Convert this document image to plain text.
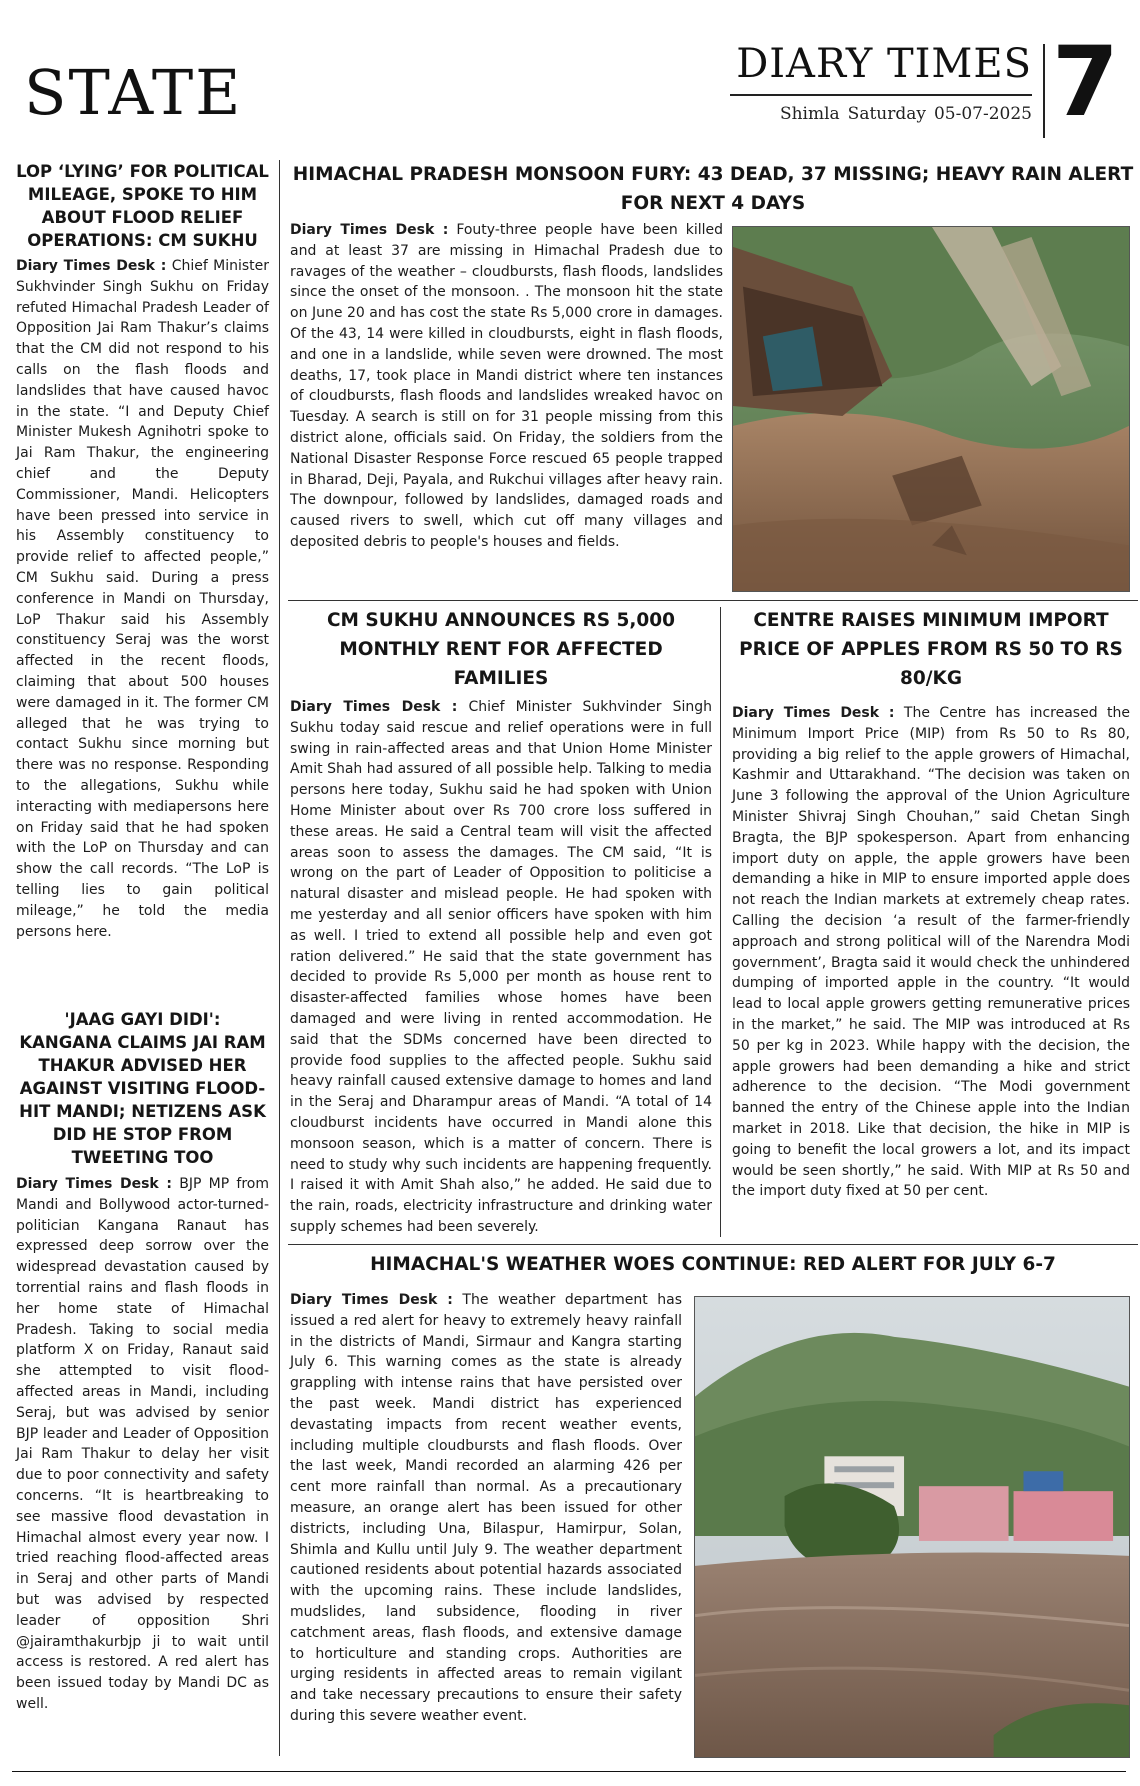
STATE	DIARY TIMES
Shimla Saturday 05-07-2025 7
LOP ‘LYING’ FOR POLITICAL MILEAGE, SPOKE TO HIM ABOUT FLOOD RELIEF OPERATIONS: CM SUKHU
Diary Times Desk : Chief Minister Sukhvinder Singh Sukhu on Friday refuted Himachal Pradesh Leader of Opposition Jai Ram Thakur’s claims that the CM did not respond to his calls on the flash floods and landslides that have caused havoc in the state. “I and Deputy Chief Minister Mukesh Agnihotri spoke to Jai Ram Thakur, the engineering chief and the Deputy Commissioner, Mandi. Helicopters have been pressed into service in his Assembly constituency to provide relief to affected people,” CM Sukhu said. During a press conference in Mandi on Thursday, LoP Thakur said his Assembly constituency Seraj was the worst affected in the recent floods, claiming that about 500 houses were damaged in it. The former CM alleged that he was trying to contact Sukhu since morning but there was no response. Responding to the allegations, Sukhu while interacting with mediapersons here on Friday said that he had spoken with the LoP on Thursday and can show the call records. “The LoP is telling lies to gain political mileage,” he told the media persons here.
'JAAG GAYI DIDI': KANGANA CLAIMS JAI RAM THAKUR ADVISED HER AGAINST VISITING FLOOD-HIT MANDI; NETIZENS ASK DID HE STOP FROM TWEETING TOO
Diary Times Desk : BJP MP from Mandi and Bollywood actor-turned-politician Kangana Ranaut has expressed deep sorrow over the widespread devastation caused by torrential rains and flash floods in her home state of Himachal Pradesh. Taking to social media platform X on Friday, Ranaut said she attempted to visit flood-affected areas in Mandi, including Seraj, but was advised by senior BJP leader and Leader of Opposition Jai Ram Thakur to delay her visit due to poor connectivity and safety concerns. “It is heartbreaking to see massive flood devastation in Himachal almost every year now. I tried reaching flood-affected areas in Seraj and other parts of Mandi but was advised by respected leader of opposition Shri @jairamthakurbjp ji to wait until access is restored. A red alert has been issued today by Mandi DC as well.
HIMACHAL PRADESH MONSOON FURY: 43 DEAD, 37 MISSING; HEAVY RAIN ALERT FOR NEXT 4 DAYS
Diary Times Desk : Fouty-three people have been killed and at least 37 are missing in Himachal Pradesh due to ravages of the weather – cloudbursts, flash floods, landslides since the onset of the monsoon. . The monsoon hit the state on June 20 and has cost the state Rs 5,000 crore in damages. Of the 43, 14 were killed in cloudbursts, eight in flash floods, and one in a landslide, while seven were drowned. The most deaths, 17, took place in Mandi district where ten instances of cloudbursts, flash floods and landslides wreaked havoc on Tuesday. A search is still on for 31 people missing from this district alone, officials said. On Friday, the soldiers from the National Disaster Response Force rescued 65 people trapped in Bharad, Deji, Payala, and Rukchui villages after heavy rain. The downpour, followed by landslides, damaged roads and caused rivers to swell, which cut off many villages and deposited debris to people's houses and fields.
CM SUKHU ANNOUNCES RS 5,000 MONTHLY RENT FOR AFFECTED FAMILIES
Diary Times Desk : Chief Minister Sukhvinder Singh Sukhu today said rescue and relief operations were in full swing in rain-affected areas and that Union Home Minister Amit Shah had assured of all possible help. Talking to media persons here today, Sukhu said he had spoken with Union Home Minister about over Rs 700 crore loss suffered in these areas. He said a Central team will visit the affected areas soon to assess the damages. The CM said, “It is wrong on the part of Leader of Opposition to politicise a natural disaster and mislead people. He had spoken with me yesterday and all senior officers have spoken with him as well. I tried to extend all possible help and even got ration delivered.” He said that the state government has decided to provide Rs 5,000 per month as house rent to disaster-affected families whose homes have been damaged and were living in rented accommodation. He said that the SDMs concerned have been directed to provide food supplies to the affected people. Sukhu said heavy rainfall caused extensive damage to homes and land in the Seraj and Dharampur areas of Mandi. “A total of 14 cloudburst incidents have occurred in Mandi alone this monsoon season, which is a matter of concern. There is need to study why such incidents are happening frequently. I raised it with Amit Shah also,” he added. He said due to the rain, roads, electricity infrastructure and drinking water supply schemes had been severely.
CENTRE RAISES MINIMUM IMPORT PRICE OF APPLES FROM RS 50 TO RS 80/KG
Diary Times Desk : The Centre has increased the Minimum Import Price (MIP) from Rs 50 to Rs 80, providing a big relief to the apple growers of Himachal, Kashmir and Uttarakhand. “The decision was taken on June 3 following the approval of the Union Agriculture Minister Shivraj Singh Chouhan,” said Chetan Singh Bragta, the BJP spokesperson. Apart from enhancing import duty on apple, the apple growers have been demanding a hike in MIP to ensure imported apple does not reach the Indian markets at extremely cheap rates. Calling the decision ‘a result of the farmer-friendly approach and strong political will of the Narendra Modi government’, Bragta said it would check the unhindered dumping of imported apple in the country. “It would lead to local apple growers getting remunerative prices in the market,” he said. The MIP was introduced at Rs 50 per kg in 2023. While happy with the decision, the apple growers had been demanding a hike and strict adherence to the decision. “The Modi government banned the entry of the Chinese apple into the Indian market in 2018. Like that decision, the hike in MIP is going to benefit the local growers a lot, and its impact would be seen shortly,” he said. With MIP at Rs 50 and the import duty fixed at 50 per cent.
HIMACHAL'S WEATHER WOES CONTINUE: RED ALERT FOR JULY 6-7
Diary Times Desk : The weather department has issued a red alert for heavy to extremely heavy rainfall in the districts of Mandi, Sirmaur and Kangra starting July 6. This warning comes as the state is already grappling with intense rains that have persisted over the past week. Mandi district has experienced devastating impacts from recent weather events, including multiple cloudbursts and flash floods. Over the last week, Mandi recorded an alarming 426 per cent more rainfall than normal. As a precautionary measure, an orange alert has been issued for other districts, including Una, Bilaspur, Hamirpur, Solan, Shimla and Kullu until July 9. The weather department cautioned residents about potential hazards associated with the upcoming rains. These include landslides, mudslides, land subsidence, flooding in river catchment areas, flash floods, and extensive damage to horticulture and standing crops. Authorities are urging residents in affected areas to remain vigilant and take necessary precautions to ensure their safety during this severe weather event.
